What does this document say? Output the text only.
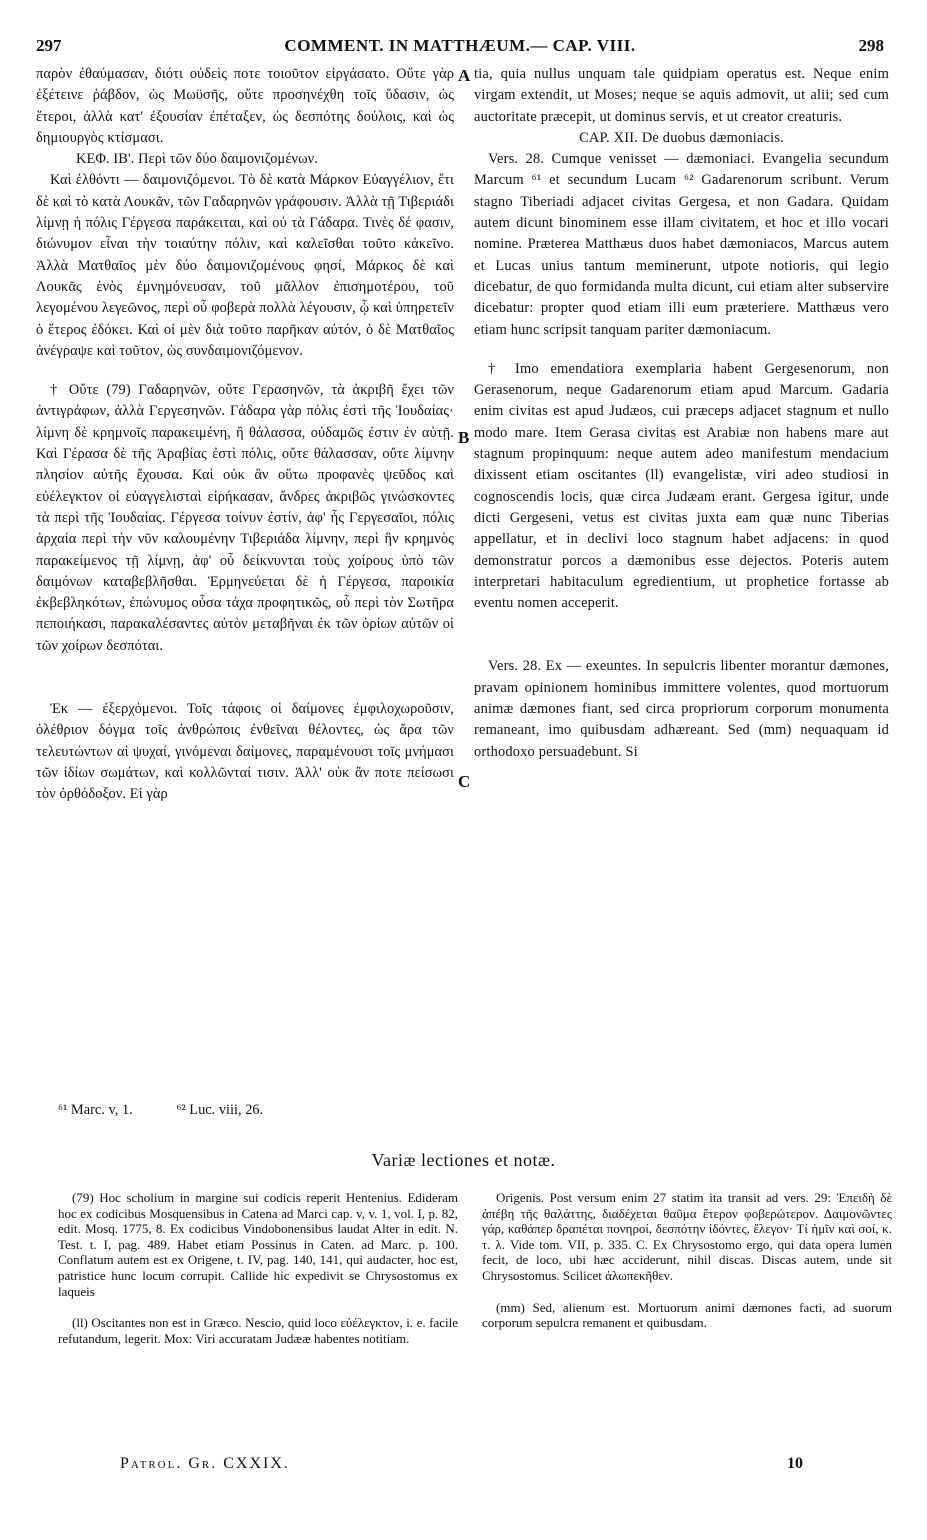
297	COMMENT. IN MATTHÆUM.— CAP. VIII.	298

παρὸν ἐθαύμασαν, διότι οὐδεὶς ποτε τοιοῦτον εἰργάσατο. Οὔτε γὰρ ἐξέτεινε ῥάβδον, ὡς Μωϋσῆς, οὔτε προσηνέχθη τοῖς ὕδασιν, ὡς ἕτεροι, ἀλλὰ κατ' ἐξουσίαν ἐπέταξεν, ὡς δεσπότης δούλοις, καὶ ὡς δημιουργὸς κτίσμασι.

ΚΕΦ. ΙΒ'. Περὶ τῶν δύο δαιμονιζομένων.

Καὶ ἐλθόντι — δαιμονιζόμενοι. Τὸ δὲ κατὰ Μάρκον Εὐαγγέλιον, ἔτι δὲ καὶ τὸ κατὰ Λουκᾶν, τῶν Γαδαρηνῶν γράφουσιν. Ἀλλὰ τῇ Τιβεριάδι λίμνῃ ἡ πόλις Γέργεσα παράκειται, καὶ οὐ τὰ Γάδαρα. Τινὲς δέ φασιν, διώνυμον εἶναι τὴν τοιαύτην πόλιν, καὶ καλεῖσθαι τοῦτο κἀκεῖνο. Ἀλλὰ Ματθαῖος μὲν δύο δαιμονιζομένους φησί, Μάρκος δὲ καὶ Λουκᾶς ἑνὸς ἐμνημόνευσαν, τοῦ μᾶλλον ἐπισημοτέρου, τοῦ λεγομένου λεγεῶνος, περὶ οὗ φοβερὰ πολλὰ λέγουσιν, ᾧ καὶ ὑπηρετεῖν ὁ ἕτερος ἐδόκει. Καὶ οἱ μὲν διὰ τοῦτο παρῆκαν αὐτόν, ὁ δὲ Ματθαῖος ἀνέγραψε καὶ τοῦτον, ὡς συνδαιμονιζόμενον.

† Οὔτε (79) Γαδαρηνῶν, οὔτε Γερασηνῶν, τὰ ἀκριβῆ ἔχει τῶν ἀντιγράφων, ἀλλὰ Γεργεσηνῶν. Γάδαρα γὰρ πόλις ἐστὶ τῆς Ἰουδαίας· λίμνη δὲ κρημνοῖς παρακειμένη, ἢ θάλασσα, οὐδαμῶς ἐστιν ἐν αὐτῇ. Καὶ Γέρασα δὲ τῆς Ἀραβίας ἐστὶ πόλις, οὔτε θάλασσαν, οὔτε λίμνην πλησίον αὐτῆς ἔχουσα. Καὶ οὐκ ἂν οὕτω προφανὲς ψεῦδος καὶ εὐέλεγκτον οἱ εὐαγγελισταὶ εἰρήκασαν, ἄνδρες ἀκριβῶς γινώσκοντες τὰ περὶ τῆς Ἰουδαίας. Γέργεσα τοίνυν ἐστίν, ἀφ' ἧς Γεργεσαῖοι, πόλις ἀρχαία περὶ τὴν νῦν καλουμένην Τιβεριάδα λίμνην, περὶ ἣν κρημνὸς παρακείμενος τῇ λίμνῃ, ἀφ' οὗ δείκνυνται τοὺς χοίρους ὑπὸ τῶν δαιμόνων καταβεβλῆσθαι. Ἑρμηνεύεται δὲ ἡ Γέργεσα, παροικία ἐκβεβληκότων, ἐπώνυμος οὖσα τάχα προφητικῶς, οὗ περὶ τὸν Σωτῆρα πεποιήκασι, παρακαλέσαντες αὐτὸν μεταβῆναι ἐκ τῶν ὁρίων αὐτῶν οἱ τῶν χοίρων δεσπόται.

Ἐκ — ἐξερχόμενοι. Τοῖς τάφοις οἱ δαίμονες ἐμφιλοχωροῦσιν, ὀλέθριον δόγμα τοῖς ἀνθρώποις ἐνθεῖναι θέλοντες, ὡς ἄρα τῶν τελευτώντων αἱ ψυχαί, γινόμεναι δαίμονες, παραμένουσι τοῖς μνήμασι τῶν ἰδίων σωμάτων, καὶ κολλῶνταί τισιν. Ἀλλ' οὐκ ἄν ποτε πείσωσι τὸν ὀρθόδοξον. Εἰ γὰρ

A
B
C

tia, quia nullus unquam tale quidpiam operatus est. Neque enim virgam extendit, ut Moses; neque se aquis admovit, ut alii; sed cum auctoritate præcepit, ut dominus servis, et ut creator creaturis.

CAP. XII. De duobus dæmoniacis.

Vers. 28. Cumque venisset — dæmoniaci. Evangelia secundum Marcum ⁶¹ et secundum Lucam ⁶² Gadarenorum scribunt. Verum stagno Tiberiadi adjacet civitas Gergesa, et non Gadara. Quidam autem dicunt binominem esse illam civitatem, et hoc et illo vocari nomine. Præterea Matthæus duos habet dæmoniacos, Marcus autem et Lucas unius tantum meminerunt, utpote notioris, qui legio dicebatur, de quo formidanda multa dicunt, cui etiam alter subservire dicebatur: propter quod etiam illi eum præteriere. Matthæus vero etiam hunc scripsit tanquam pariter dæmoniacum.

† Imo emendatiora exemplaria habent Gergesenorum, non Gerasenorum, neque Gadarenorum etiam apud Marcum. Gadaria enim civitas est apud Judæos, cui præceps adjacet stagnum et nullo modo mare. Item Gerasa civitas est Arabiæ non habens mare aut stagnum propinquum: neque autem adeo manifestum mendacium dixissent etiam oscitantes (ll) evangelistæ, viri adeo studiosi in cognoscendis locis, quæ circa Judæam erant. Gergesa igitur, unde dicti Gergeseni, vetus est civitas juxta eam quæ nunc Tiberias appellatur, et in declivi loco stagnum habet adjacens: in quod demonstratur porcos a dæmonibus esse dejectos. Poteris autem interpretari habitaculum egredientium, ut prophetice fortasse ab eventu nomen acceperit.

Vers. 28. Ex — exeuntes. In sepulcris libenter morantur dæmones, pravam opinionem hominibus immittere volentes, quod mortuorum animæ dæmones fiant, sed circa propriorum corporum monumenta remaneant, imo quibusdam adhæreant. Sed (mm) nequaquam id orthodoxo persuadebunt. Si

⁶¹ Marc. v, 1.	⁶² Luc. viii, 26.
Variæ lectiones et notæ.

(79) Hoc scholium in margine sui codicis reperit Hentenius. Edideram hoc ex codicibus Mosquensibus in Catena ad Marci cap. v, v. 1, vol. I, p. 82, edit. Mosq. 1775, 8. Ex codicibus Vindobonensibus laudat Alter in edit. N. Test. t. I, pag. 489. Habet etiam Possinus in Caten. ad Marc. p. 100. Conflatum autem est ex Origene, t. IV, pag. 140, 141, qui audacter, hoc est, patristice hunc locum corrupit. Callide hic expedivit se Chrysostomus ex laqueis

(ll) Oscitantes non est in Græco. Nescio, quid loco εὐέλεγκτον, i. e. facile refutandum, legerit. Mox: Viri accuratam Judææ habentes notitiam.

Origenis. Post versum enim 27 statim ita transit ad vers. 29: Ἐπειδὴ δὲ ἀπέβη τῆς θαλάττης, διαδέχεται θαῦμα ἕτερον φοβερώτερον. Δαιμονῶντες γάρ, καθάπερ δραπέται πονηροί, δεσπότην ἰδόντες, ἔλεγον· Τί ἡμῖν καὶ σοί, κ. τ. λ. Vide tom. VII, p. 335. C. Ex Chrysostomo ergo, qui data opera lumen fecit, de loco, ubi hæc acciderunt, nihil discas. Discas autem, unde sit Chrysostomus. Scilicet ἀλωπεκῆθεν.

(mm) Sed, alienum est. Mortuorum animi dæmones facti, ad suorum corporum sepulcra remanent et quibusdam.

Patrol. Gr. CXXIX.	10
